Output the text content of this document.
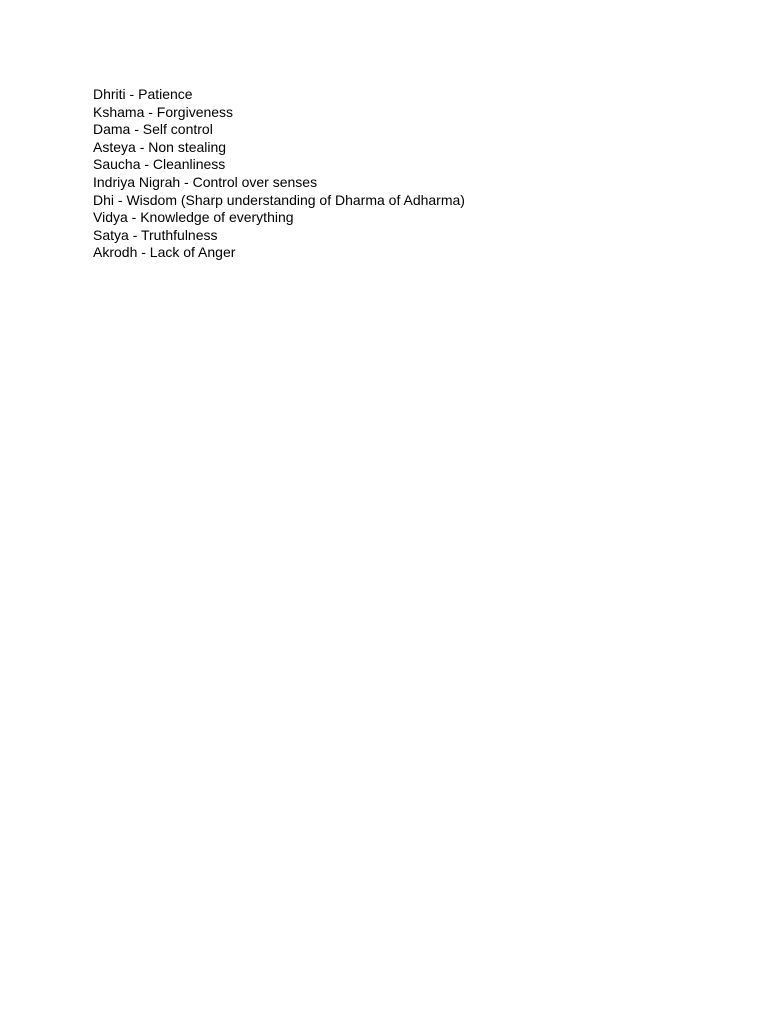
Dhriti - Patience
Kshama - Forgiveness
Dama - Self control
Asteya - Non stealing
Saucha - Cleanliness
Indriya Nigrah - Control over senses
Dhi - Wisdom (Sharp understanding of Dharma of Adharma)
Vidya - Knowledge of everything
Satya - Truthfulness
Akrodh - Lack of Anger
